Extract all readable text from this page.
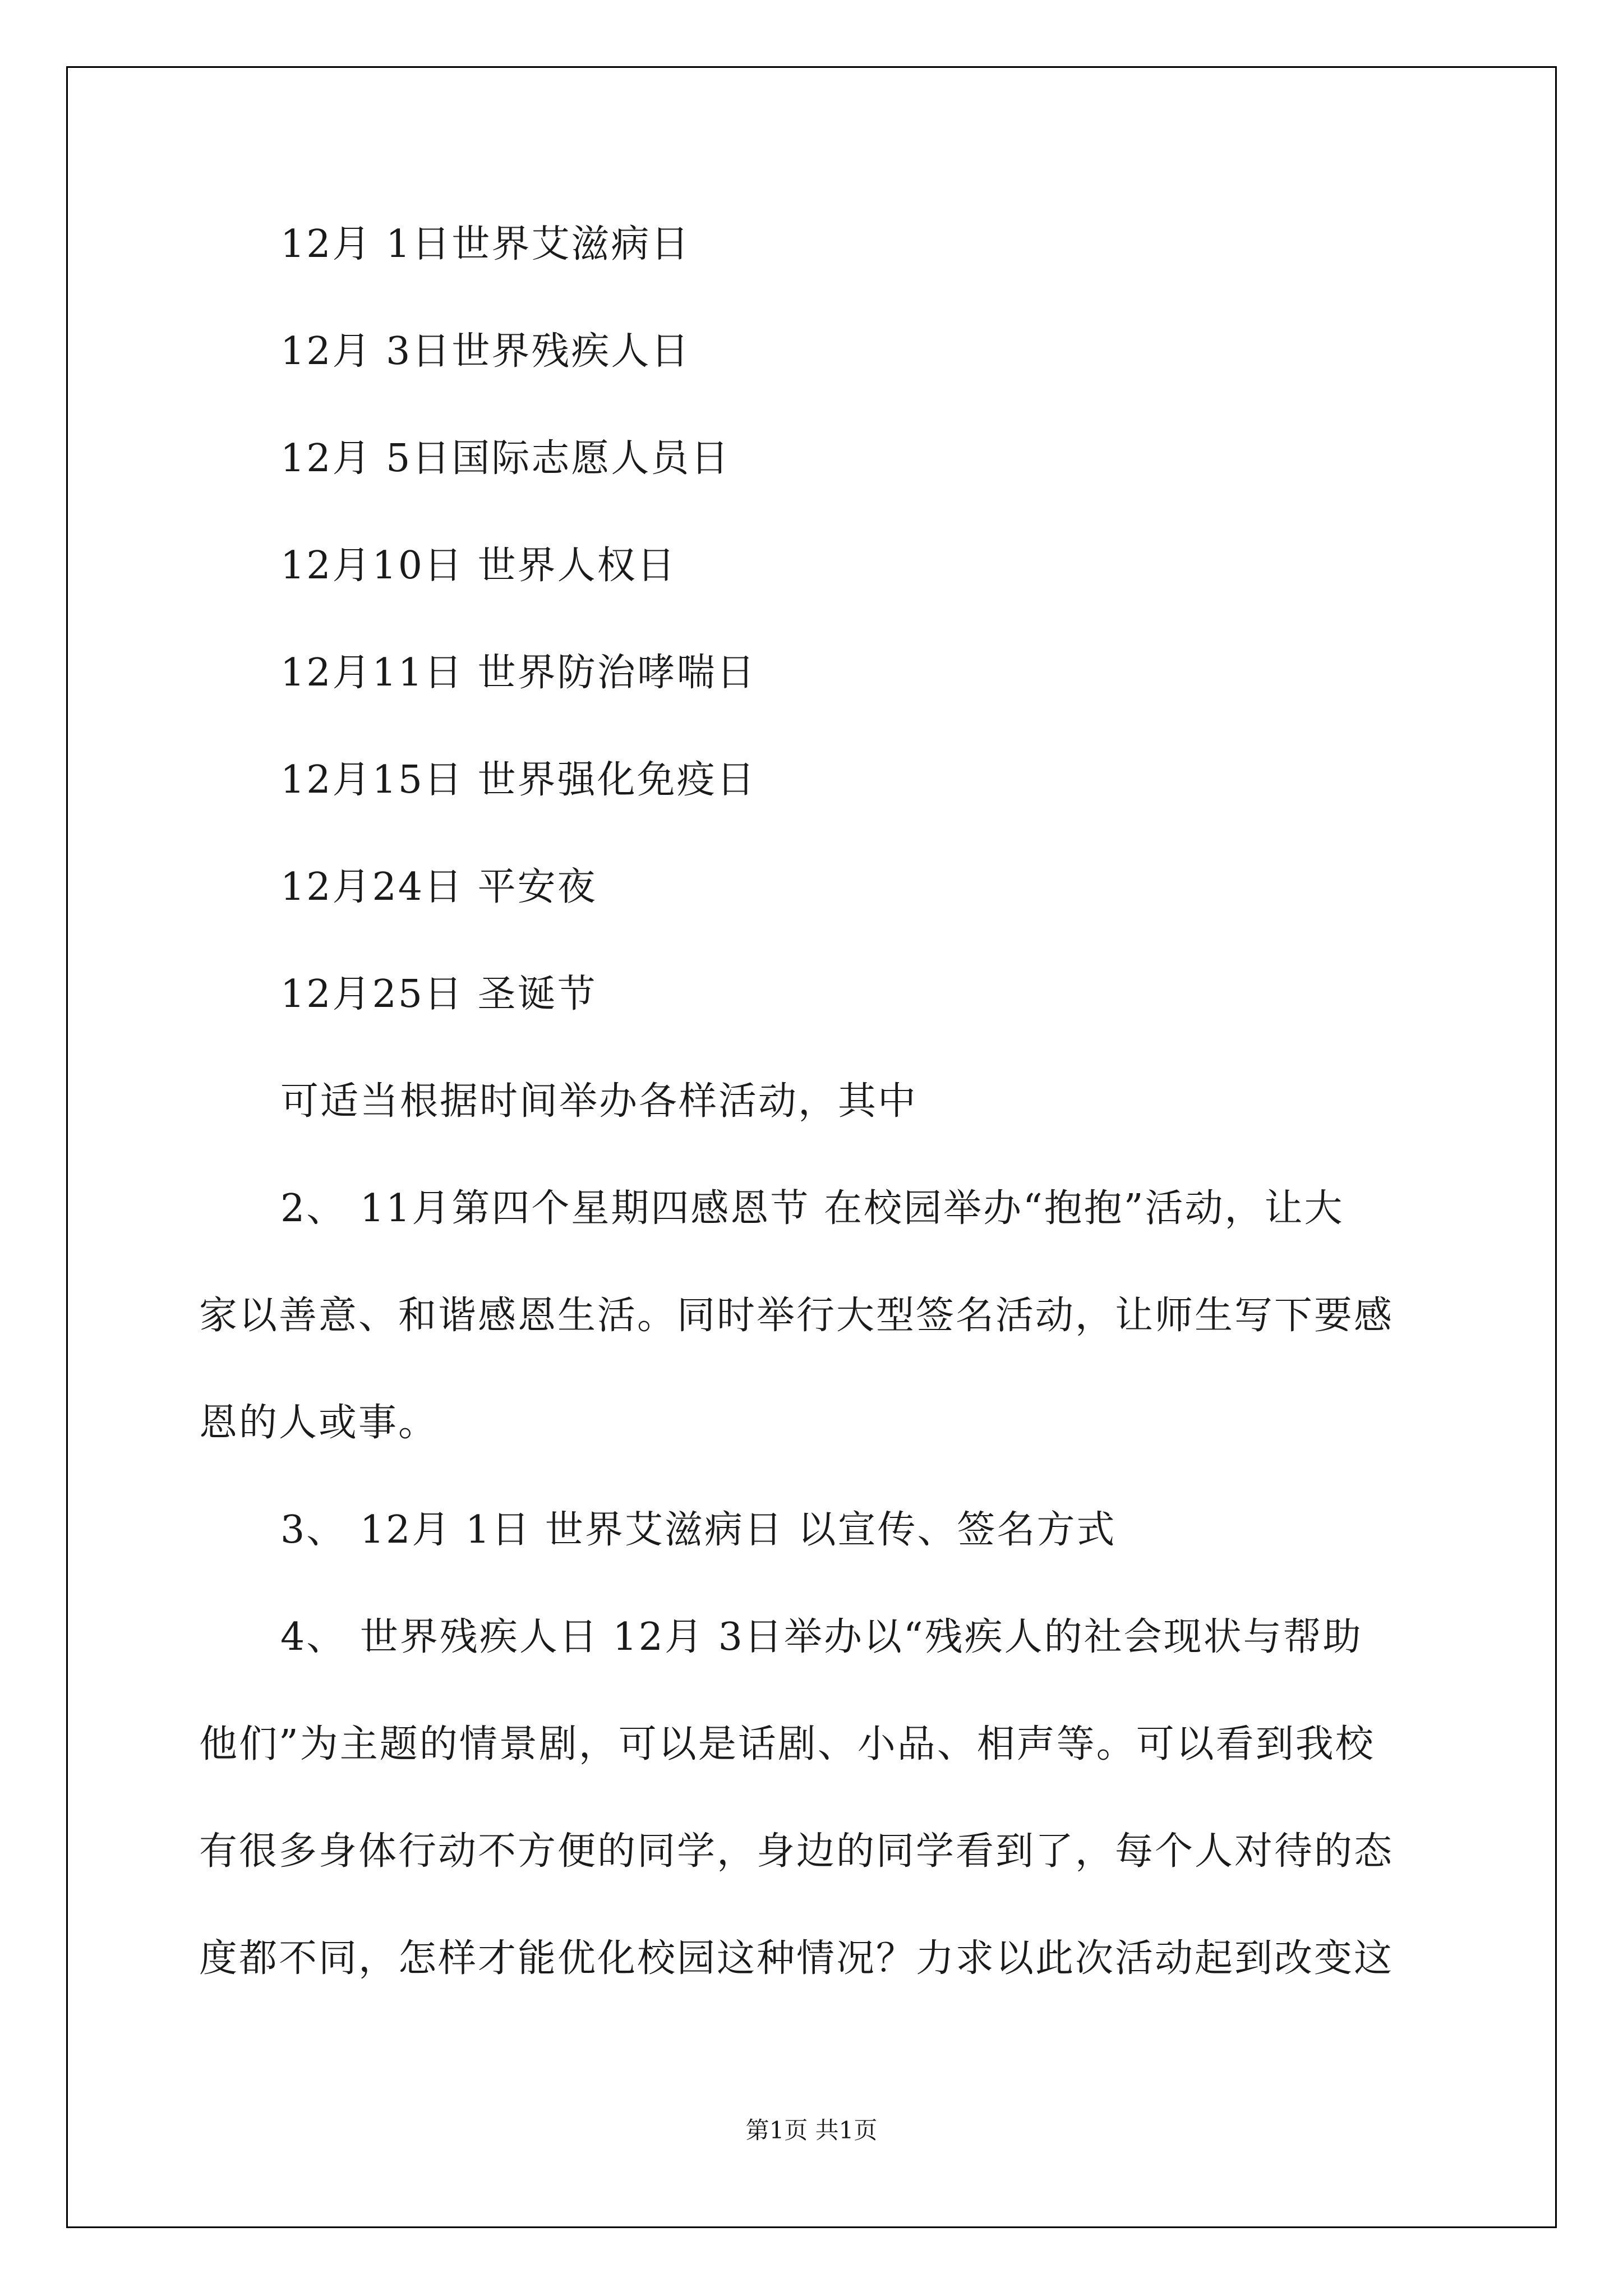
12月 1日世界艾滋病日
12月 3日世界残疾人日
12月 5日国际志愿人员日
12月10日 世界人权日
12月11日 世界防治哮喘日
12月15日 世界强化免疫日
12月24日 平安夜
12月25日 圣诞节
可适当根据时间举办各样活动，其中
2、 11月第四个星期四感恩节 在校园举办“抱抱”活动，让大
家以善意、和谐感恩生活。同时举行大型签名活动，让师生写下要感
恩的人或事。
3、 12月 1日 世界艾滋病日 以宣传、签名方式
4、 世界残疾人日 12月 3日举办以“残疾人的社会现状与帮助
他们”为主题的情景剧，可以是话剧、小品、相声等。可以看到我校
有很多身体行动不方便的同学，身边的同学看到了，每个人对待的态
度都不同，怎样才能优化校园这种情况？力求以此次活动起到改变这
第1页 共1页
